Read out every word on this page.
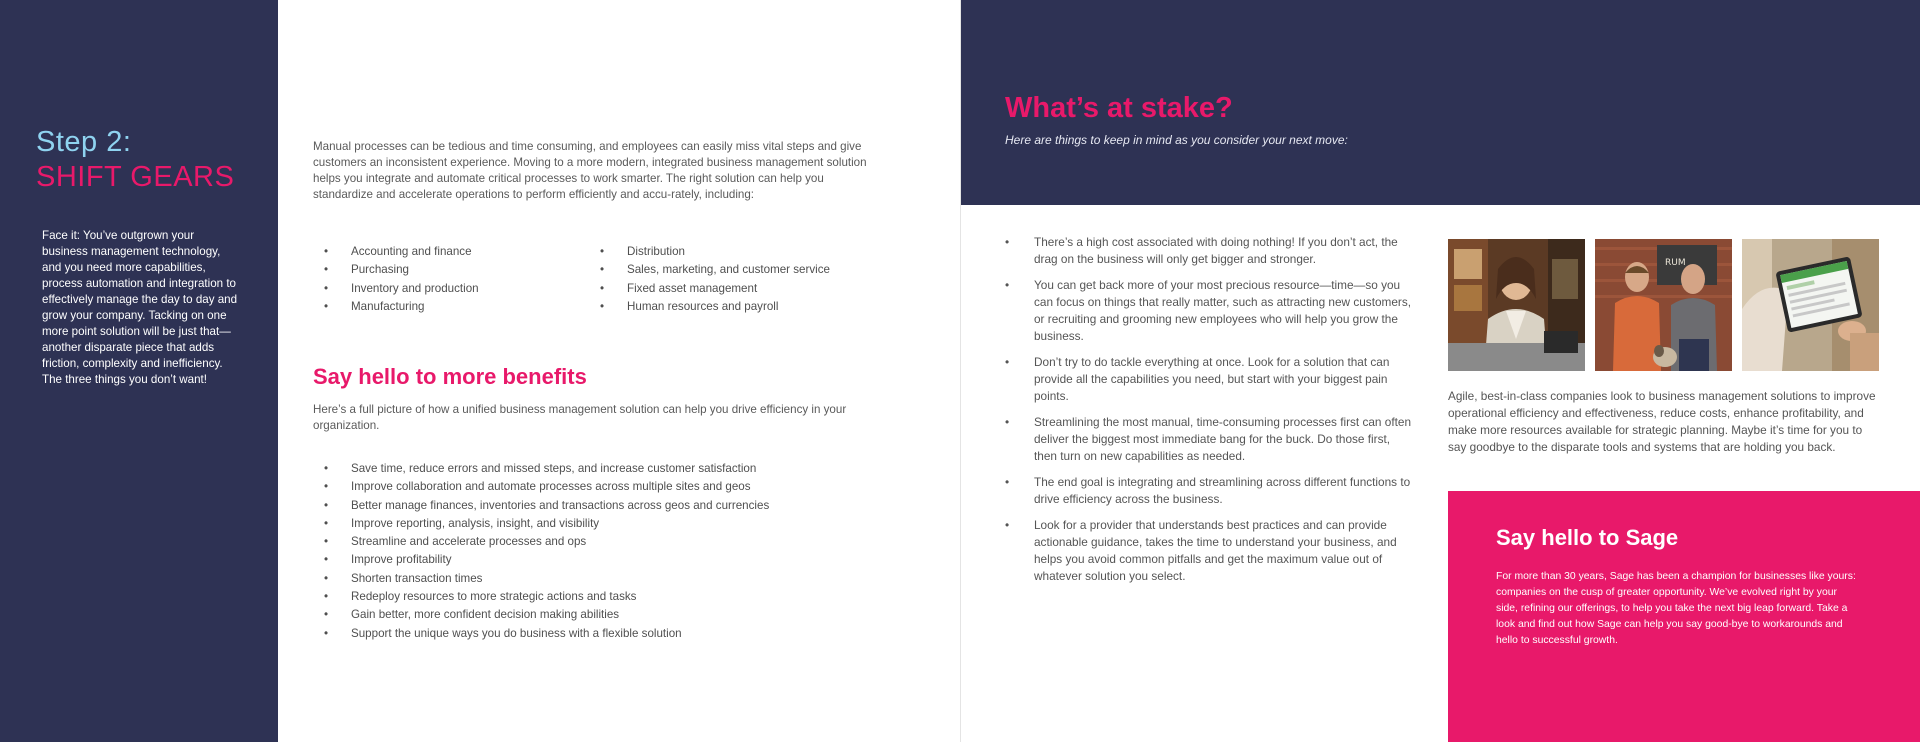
Step 2:
SHIFT GEARS

Face it: You’ve outgrown your business management technology, and you need more capabilities, process automation and integration to effectively manage the day to day and grow your company. Tacking on one more point solution will be just that—another disparate piece that adds friction, complexity and inefficiency. The three things you don’t want!

Manual processes can be tedious and time consuming, and employees can easily miss vital steps and give customers an inconsistent experience. Moving to a more modern, integrated business management solution helps you integrate and automate critical processes to work smarter. The right solution can help you standardize and accelerate operations to perform efficiently and accu-rately, including:

• Accounting and finance
• Purchasing
• Inventory and production
• Manufacturing
• Distribution
• Sales, marketing, and customer service
• Fixed asset management
• Human resources and payroll
Say hello to more benefits

Here’s a full picture of how a unified business management solution can help you drive efficiency in your organization.

• Save time, reduce errors and missed steps, and increase customer satisfaction
• Improve collaboration and automate processes across multiple sites and geos
• Better manage finances, inventories and transactions across geos and currencies
• Improve reporting, analysis, insight, and visibility
• Streamline and accelerate processes and ops
• Improve profitability
• Shorten transaction times
• Redeploy resources to more strategic actions and tasks
• Gain better, more confident decision making abilities
• Support the unique ways you do business with a flexible solution
What’s at stake?

Here are things to keep in mind as you consider your next move:

• There’s a high cost associated with doing nothing! If you don’t act, the drag on the business will only get bigger and stronger.
• You can get back more of your most precious resource—time—so you can focus on things that really matter, such as attracting new customers, or recruiting and grooming new employees who will help you grow the business.
• Don’t try to do tackle everything at once. Look for a solution that can provide all the capabilities you need, but start with your biggest pain points.
• Streamlining the most manual, time-consuming processes first can often deliver the biggest most immediate bang for the buck. Do those first, then turn on new capabilities as needed.
• The end goal is integrating and streamlining across different functions to drive efficiency across the business.
• Look for a provider that understands best practices and can provide actionable guidance, takes the time to understand your business, and helps you avoid common pitfalls and get the maximum value out of whatever solution you select.
RUM

Agile, best-in-class companies look to business management solutions to improve operational efficiency and effectiveness, reduce costs, enhance profitability, and make more resources available for strategic planning. Maybe it’s time for you to say goodbye to the disparate tools and systems that are holding you back.

Say hello to Sage

For more than 30 years, Sage has been a champion for businesses like yours: companies on the cusp of greater opportunity. We’ve evolved right by your side, refining our offerings, to help you take the next big leap forward. Take a look and find out how Sage can help you say good-bye to workarounds and hello to successful growth.
